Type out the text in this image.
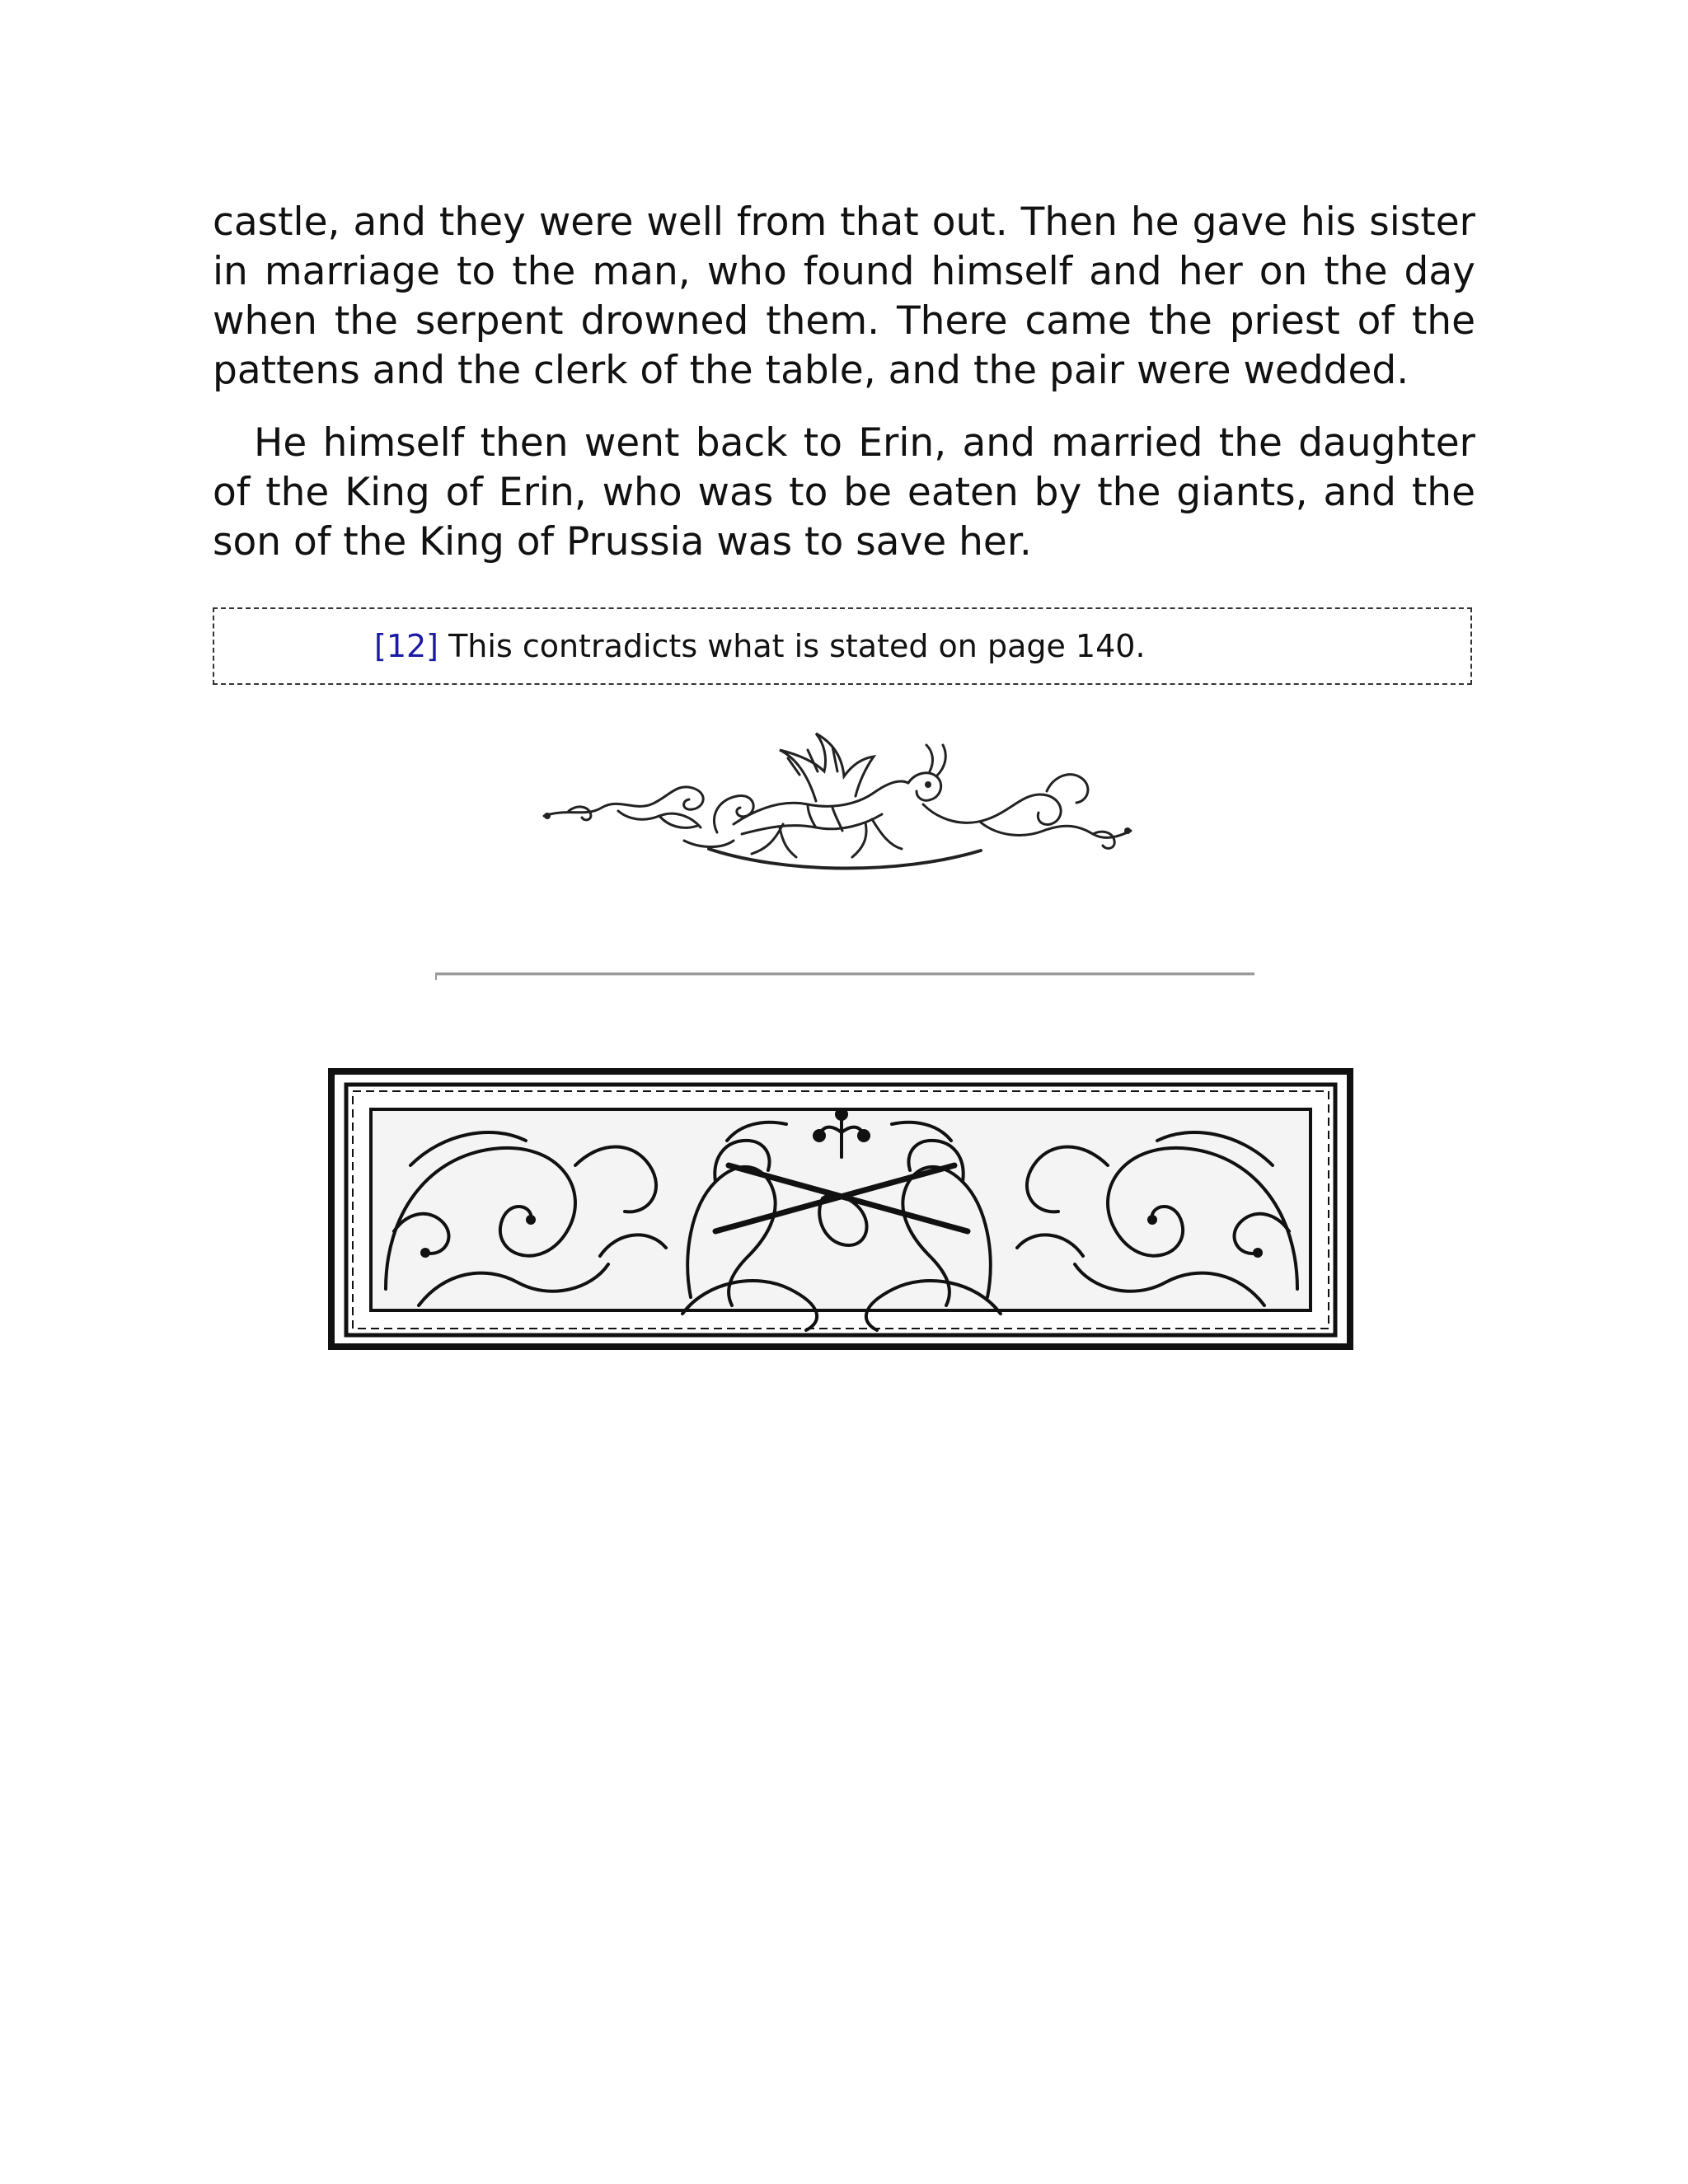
castle, and they were well from that out. Then he gave his sister in marriage to the man, who found himself and her on the day when the serpent drowned them. There came the priest of the pattens and the clerk of the table, and the pair were wedded.

He himself then went back to Erin, and married the daughter of the King of Erin, who was to be eaten by the giants, and the son of the King of Prussia was to save her.

[12] This contradicts what is stated on page 140.
